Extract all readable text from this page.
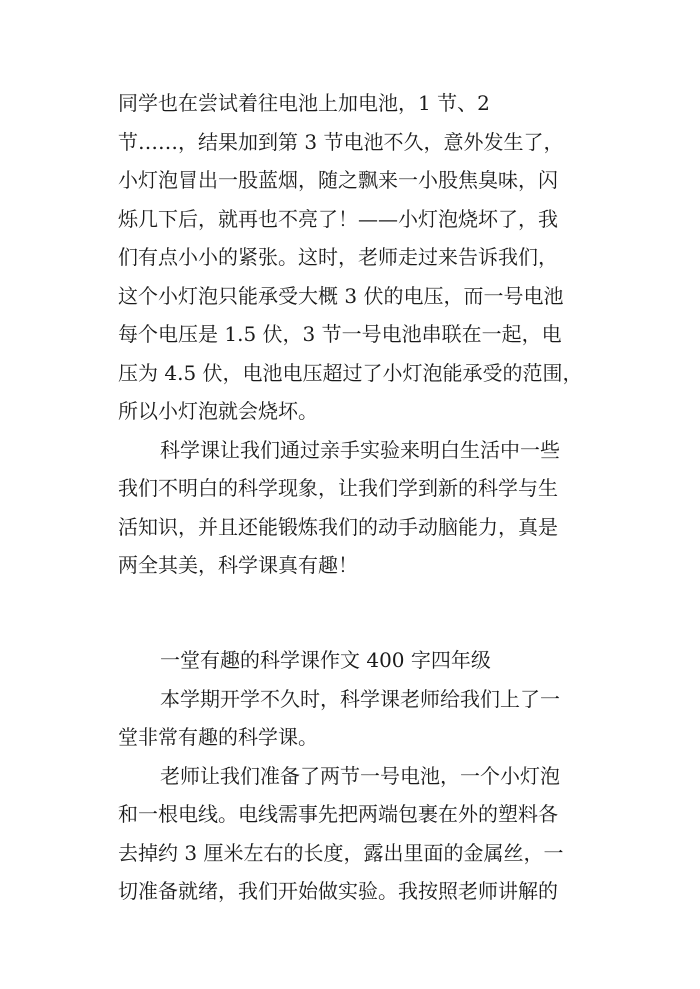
同学也在尝试着往电池上加电池，1 节、2
节……，结果加到第 3 节电池不久，意外发生了，
小灯泡冒出一股蓝烟，随之飘来一小股焦臭味，闪
烁几下后，就再也不亮了！——小灯泡烧坏了，我
们有点小小的紧张。这时，老师走过来告诉我们，
这个小灯泡只能承受大概 3 伏的电压，而一号电池
每个电压是 1.5 伏，3 节一号电池串联在一起，电
压为 4.5 伏，电池电压超过了小灯泡能承受的范围，
所以小灯泡就会烧坏。
科学课让我们通过亲手实验来明白生活中一些
我们不明白的科学现象，让我们学到新的科学与生
活知识，并且还能锻炼我们的动手动脑能力，真是
两全其美，科学课真有趣！
一堂有趣的科学课作文 400 字四年级
本学期开学不久时，科学课老师给我们上了一
堂非常有趣的科学课。
老师让我们准备了两节一号电池，一个小灯泡
和一根电线。电线需事先把两端包裹在外的塑料各
去掉约 3 厘米左右的长度，露出里面的金属丝，一
切准备就绪，我们开始做实验。我按照老师讲解的
